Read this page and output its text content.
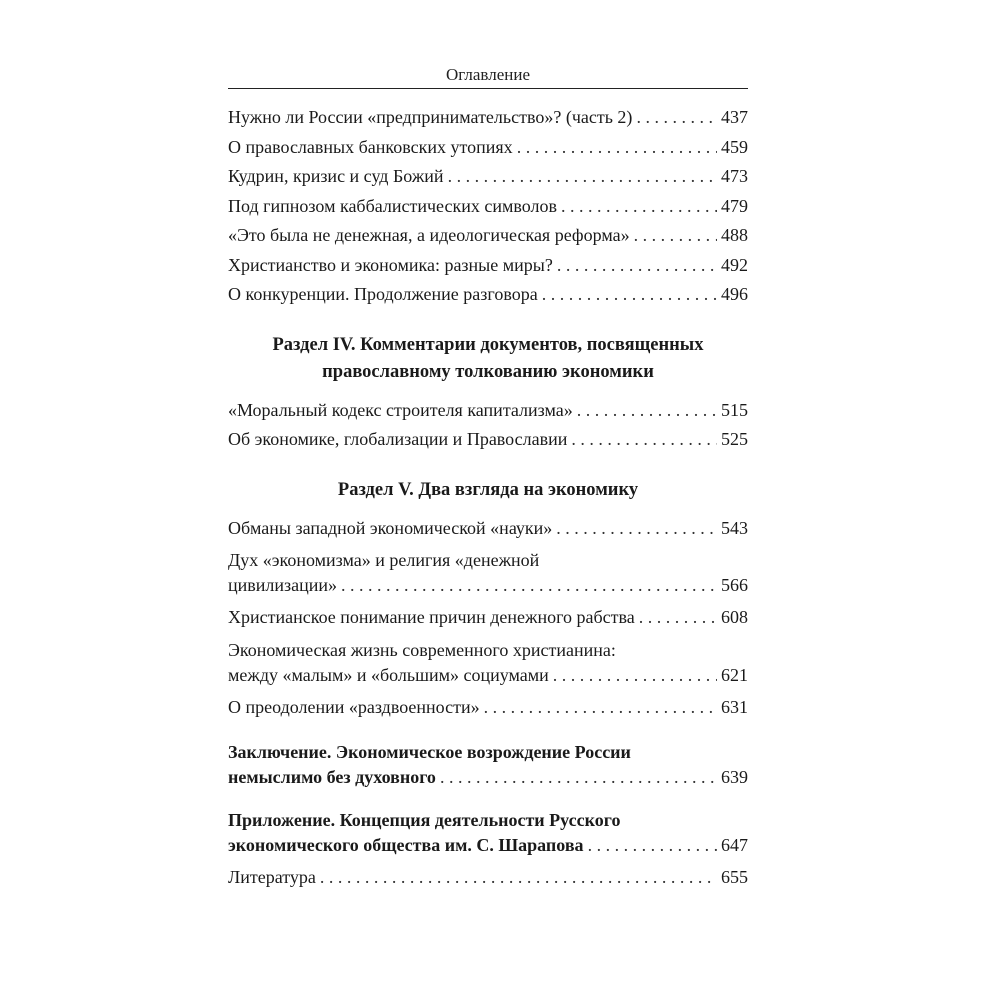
Оглавление
Нужно ли России «предпринимательство»? (часть 2) . . .	437
О православных банковских утопиях . . .	459
Кудрин, кризис и суд Божий . . .	473
Под гипнозом каббалистических символов . . .	479
«Это была не денежная, а идеологическая реформа» . . .	488
Христианство и экономика: разные миры? . . .	492
О конкуренции. Продолжение разговора . . .	496
Раздел IV. Комментарии документов, посвященных
православному толкованию экономики
«Моральный кодекс строителя капитализма» . . .	515
Об экономике, глобализации и Православии . . .	525
Раздел V. Два взгляда на экономику
Обманы западной экономической «науки» . . .	543
Дух «экономизма» и религия «денежной
цивилизации» . . .	566
Христианское понимание причин денежного рабства . . .	608
Экономическая жизнь современного христианина:
между «малым» и «большим» социумами . . .	621
О преодолении «раздвоенности» . . .	631
Заключение. Экономическое возрождение России
немыслимо без духовного . . .	639
Приложение. Концепция деятельности Русского
экономического общества им. С. Шарапова . . .	647
Литература . . .	655
